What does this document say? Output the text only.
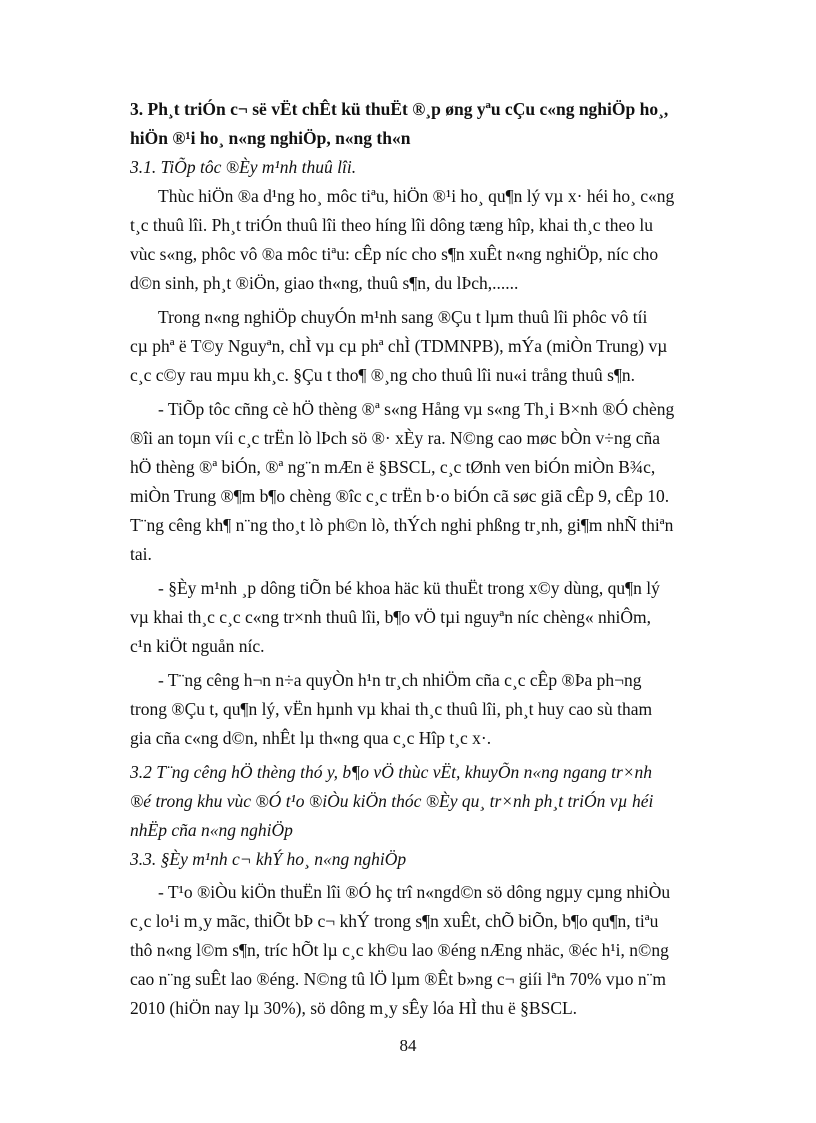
3. Ph¸t triÓn c¬ së vËt chÊt kü thuËt ®¸p øng yªu cÇu c«ng nghiÖp ho¸,
hiÖn ®¹i ho¸ n«ng nghiÖp, n«ng th«n
3.1. TiÕp tôc ®Èy m¹nh thuû lîi.
Thùc hiÖn ®a d¹ng ho¸ môc tiªu, hiÖn ®¹i ho¸ qu¶n lý vµ x· héi ho¸ c«ng
t¸c thuû lîi. Ph¸t triÓn thuû lîi theo híng lîi dông tæng hîp, khai th¸c theo lu
vùc s«ng, phôc vô ®a môc tiªu: cÊp níc cho s¶n xuÊt n«ng nghiÖp, níc cho
d©n sinh, ph¸t ®iÖn, giao th«ng, thuû s¶n, du lÞch,......
Trong n«ng nghiÖp chuyÓn m¹nh sang ®Çu t lµm thuû lîi phôc vô tíi
cµ phª ë T©y Nguyªn, chÌ vµ cµ phª chÌ (TDMNPB), mÝa (miÒn Trung) vµ
c¸c c©y rau mµu kh¸c. §Çu t tho¶ ®¸ng cho thuû lîi nu«i trång thuû s¶n.
- TiÕp tôc cñng cè hÖ thèng ®ª s«ng Hång vµ s«ng Th¸i B×nh ®Ó chèng
®îi an toµn víi c¸c trËn lò lÞch sö ®· xÈy ra. N©ng cao møc bÒn v÷ng cña
hÖ thèng ®ª biÓn, ®ª ng¨n mÆn ë §BSCL, c¸c tØnh ven biÓn miÒn B¾c,
miÒn Trung ®¶m b¶o chèng ®îc c¸c trËn b·o biÓn cã søc giã cÊp 9, cÊp 10.
T¨ng cêng kh¶ n¨ng tho¸t lò ph©n lò, thÝch nghi phßng tr¸nh, gi¶m nhÑ thiªn
tai.
- §Èy m¹nh ¸p dông tiÕn bé khoa häc kü thuËt trong x©y dùng, qu¶n lý
vµ khai th¸c c¸c c«ng tr×nh thuû lîi, b¶o vÖ tµi nguyªn níc chèng« nhiÔm,
c¹n kiÖt nguån níc.
- T¨ng cêng h¬n n÷a quyÒn h¹n tr¸ch nhiÖm cña c¸c cÊp ®Þa ph¬ng
trong ®Çu t, qu¶n lý, vËn hµnh vµ khai th¸c thuû lîi, ph¸t huy cao sù tham
gia cña c«ng d©n, nhÊt lµ th«ng qua c¸c Hîp t¸c x·.
3.2 T¨ng cêng hÖ thèng thó y, b¶o vÖ thùc vËt, khuyÕn n«ng ngang tr×nh
®é trong khu vùc ®Ó t¹o ®iÒu kiÖn thóc ®Èy qu¸ tr×nh ph¸t triÓn vµ héi
nhËp cña n«ng nghiÖp
3.3. §Èy m¹nh c¬ khÝ ho¸ n«ng nghiÖp
- T¹o ®iÒu kiÖn thuËn lîi ®Ó hç trî n«ngd©n sö dông ngµy cµng nhiÒu
c¸c lo¹i m¸y mãc, thiÕt bÞ c¬ khÝ trong s¶n xuÊt, chÕ biÕn, b¶o qu¶n, tiªu
thô n«ng l©m s¶n, tríc hÕt lµ c¸c kh©u lao ®éng nÆng nhäc, ®éc h¹i, n©ng
cao n¨ng suÊt lao ®éng. N©ng tû lÖ lµm ®Êt b»ng c¬ giíi lªn 70% vµo n¨m
2010 (hiÖn nay lµ 30%), sö dông m¸y sÊy lóa HÌ thu ë §BSCL.
84
